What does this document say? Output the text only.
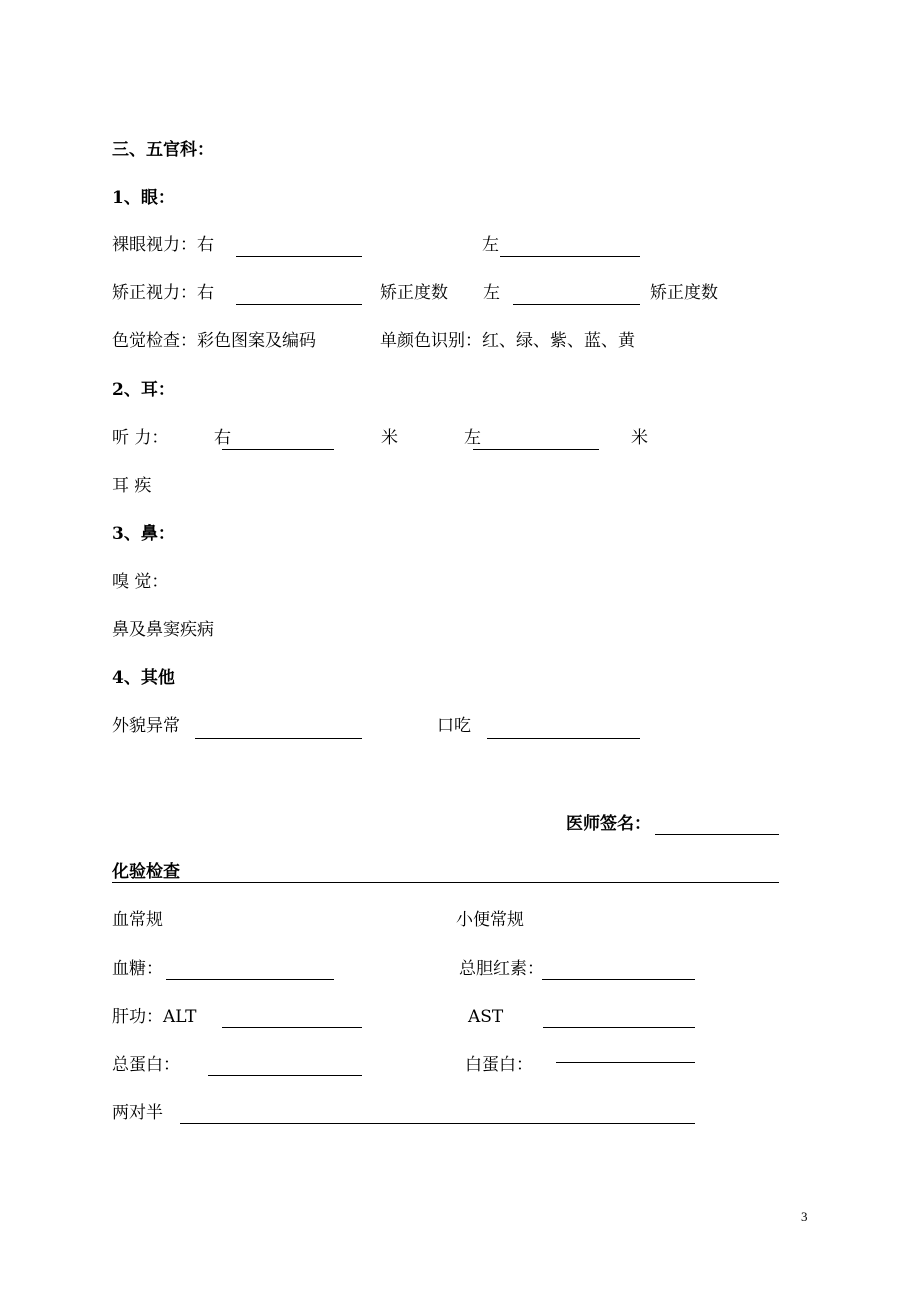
三、五官科：
1、眼：
裸眼视力：右	左
矫正视力：右	矫正度数 左	矫正度数
色觉检查：彩色图案及编码	单颜色识别：红、绿、紫、蓝、黄
2、耳：
听 力：	右	米	左	米
耳 疾
3、鼻：
嗅 觉：
鼻及鼻窦疾病
4、其他
外貌异常	口吃
医师签名：
化验检查
血常规	小便常规
血糖：	总胆红素：
肝功：ALT	AST
总蛋白：	白蛋白：
两对半
3
